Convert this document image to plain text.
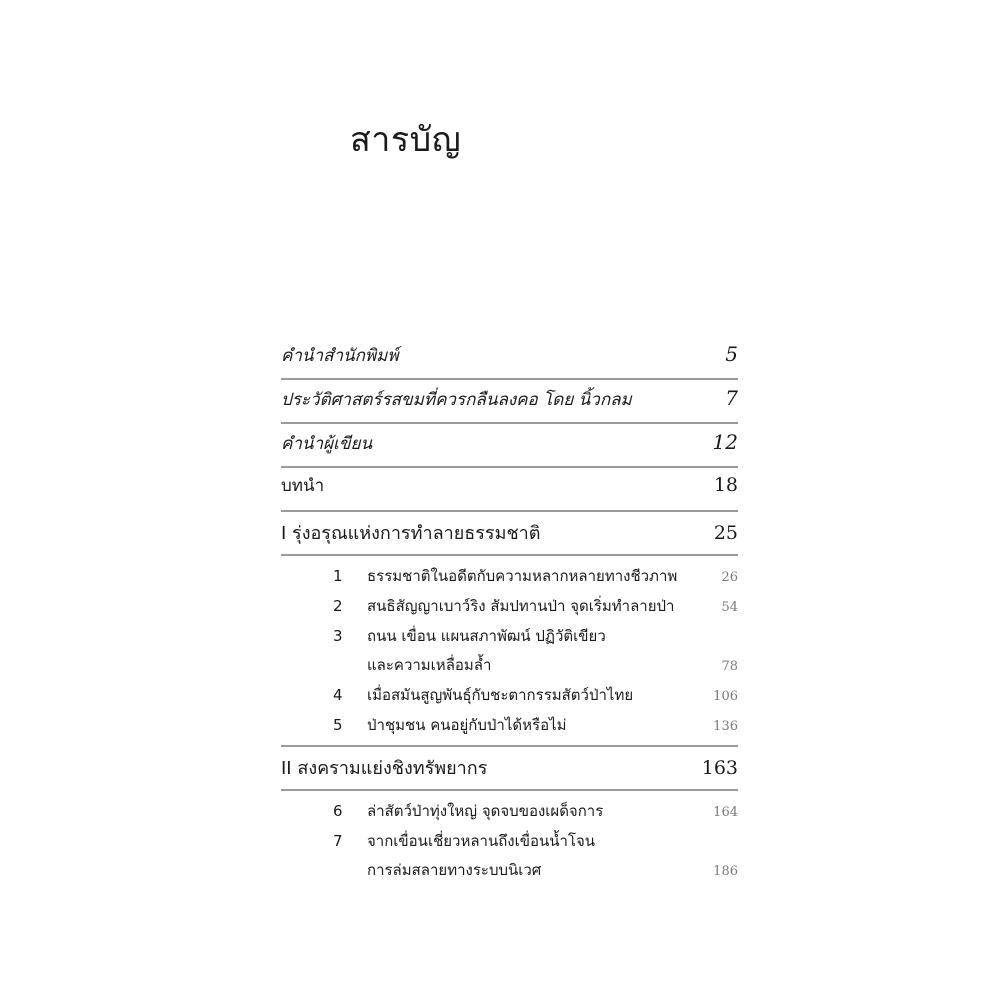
สารบัญ
คำนำสำนักพิมพ์	5
ประวัติศาสตร์รสขมที่ควรกลืนลงคอ โดย นิ้วกลม	7
คำนำผู้เขียน	12
บทนำ	18
I รุ่งอรุณแห่งการทำลายธรรมชาติ	25
1	ธรรมชาติในอดีตกับความหลากหลายทางชีวภาพ	26
2	สนธิสัญญาเบาว์ริง สัมปทานป่า จุดเริ่มทำลายป่า	54
3	ถนน เขื่อน แผนสภาพัฒน์ ปฏิวัติเขียว
และความเหลื่อมล้ำ	78
4	เมื่อสมันสูญพันธุ์กับชะตากรรมสัตว์ป่าไทย	106
5	ป่าชุมชน คนอยู่กับป่าได้หรือไม่	136
II สงครามแย่งชิงทรัพยากร	163
6	ล่าสัตว์ป่าทุ่งใหญ่ จุดจบของเผด็จการ	164
7	จากเขื่อนเชี่ยวหลานถึงเขื่อนน้ำโจน
การล่มสลายทางระบบนิเวศ	186
